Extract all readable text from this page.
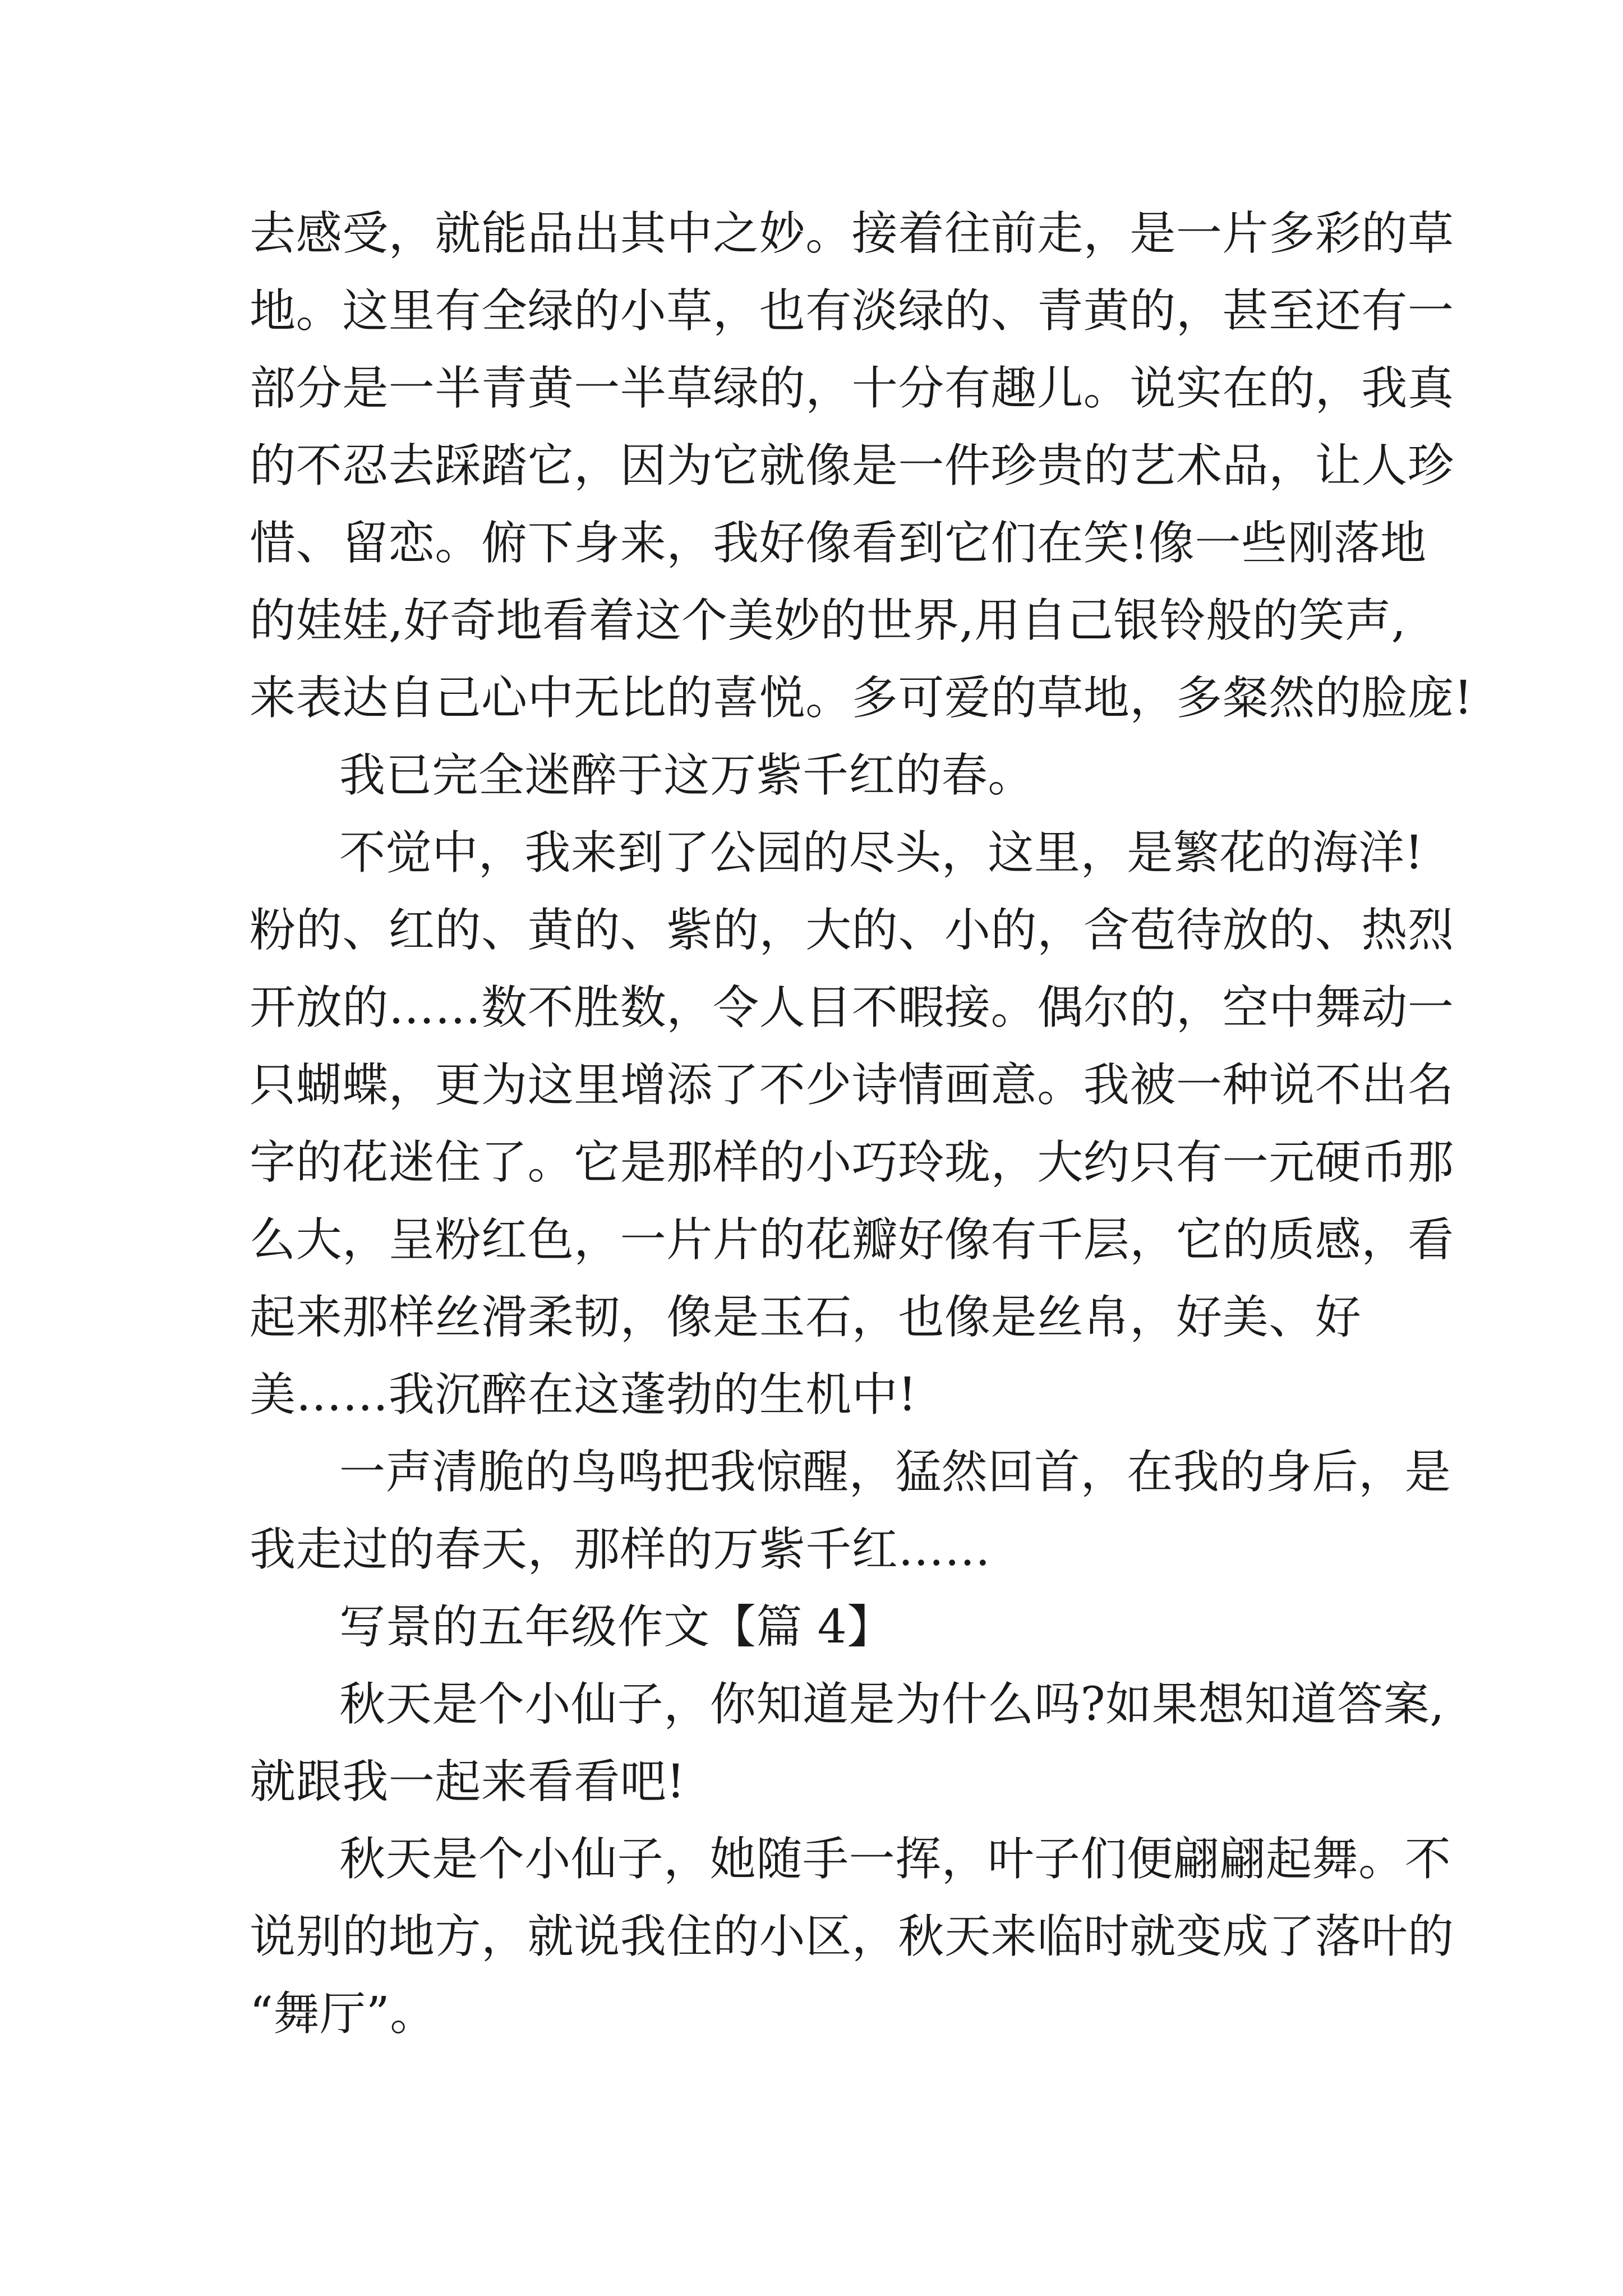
去感受，就能品出其中之妙。接着往前走，是一片多彩的草
地。这里有全绿的小草，也有淡绿的、青黄的，甚至还有一
部分是一半青黄一半草绿的，十分有趣儿。说实在的，我真
的不忍去踩踏它，因为它就像是一件珍贵的艺术品，让人珍
惜、留恋。俯下身来，我好像看到它们在笑!像一些刚落地
的娃娃,好奇地看着这个美妙的世界,用自己银铃般的笑声,
来表达自己心中无比的喜悦。多可爱的草地，多粲然的脸庞!
我已完全迷醉于这万紫千红的春。
不觉中，我来到了公园的尽头，这里，是繁花的海洋!
粉的、红的、黄的、紫的，大的、小的，含苞待放的、热烈
开放的……数不胜数，令人目不暇接。偶尔的，空中舞动一
只蝴蝶，更为这里增添了不少诗情画意。我被一种说不出名
字的花迷住了。它是那样的小巧玲珑，大约只有一元硬币那
么大，呈粉红色，一片片的花瓣好像有千层，它的质感，看
起来那样丝滑柔韧，像是玉石，也像是丝帛，好美、好
美……我沉醉在这蓬勃的生机中!
一声清脆的鸟鸣把我惊醒，猛然回首，在我的身后，是
我走过的春天，那样的万紫千红……
写景的五年级作文【篇 4】
秋天是个小仙子，你知道是为什么吗?如果想知道答案,
就跟我一起来看看吧!
秋天是个小仙子，她随手一挥，叶子们便翩翩起舞。不
说别的地方，就说我住的小区，秋天来临时就变成了落叶的
“舞厅”。
